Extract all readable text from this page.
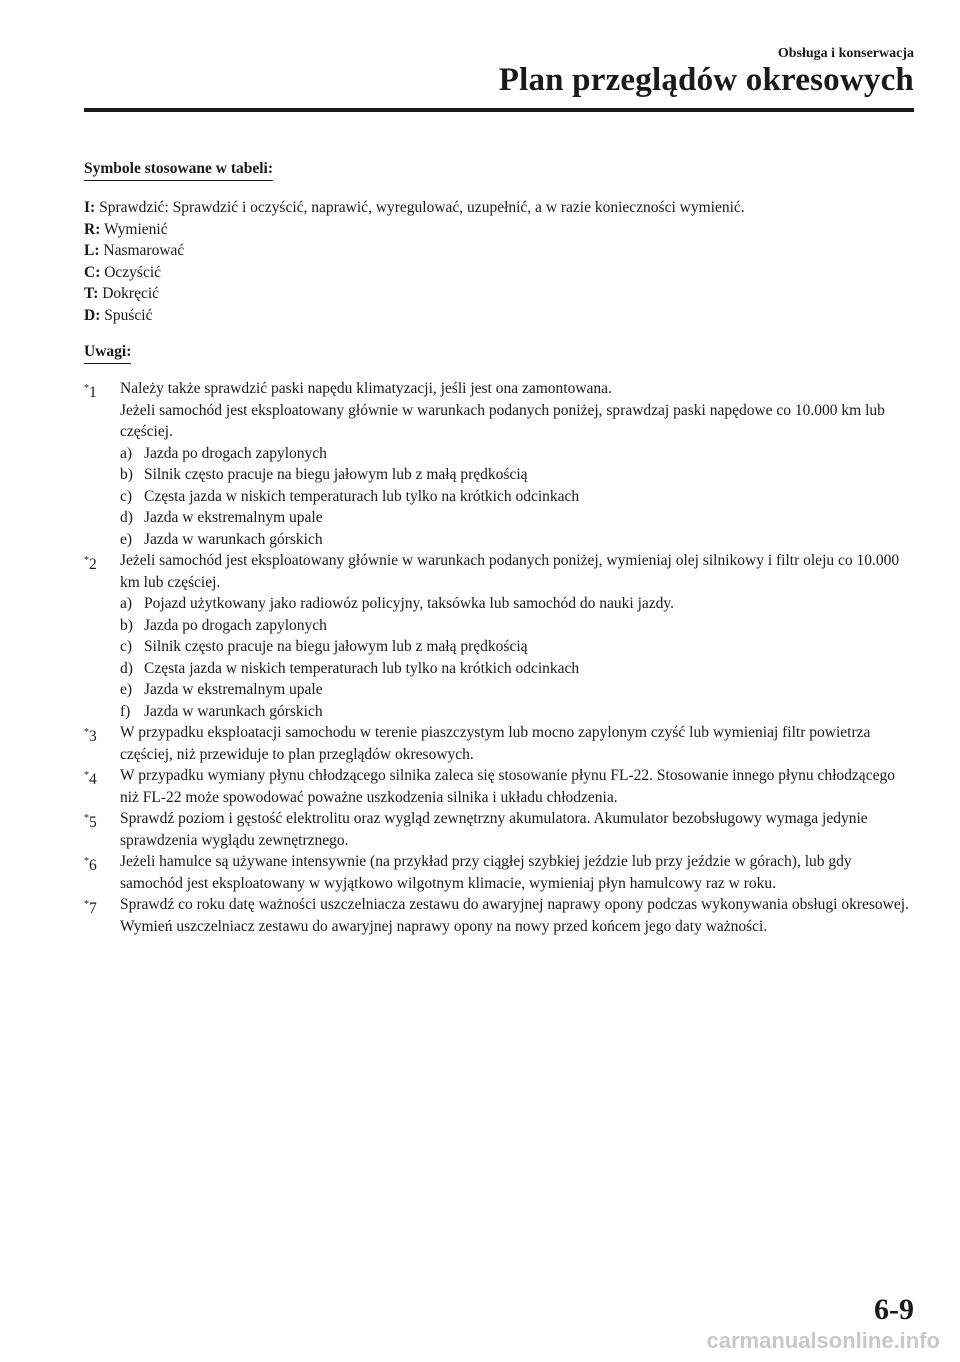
Obsługa i konserwacja
Plan przeglądów okresowych
Symbole stosowane w tabeli:
I: Sprawdzić: Sprawdzić i oczyścić, naprawić, wyregulować, uzupełnić, a w razie konieczności wymienić.
R: Wymienić
L: Nasmarować
C: Oczyścić
T: Dokręcić
D: Spuścić
Uwagi:
*1 Należy także sprawdzić paski napędu klimatyzacji, jeśli jest ona zamontowana.
Jeżeli samochód jest eksploatowany głównie w warunkach podanych poniżej, sprawdzaj paski napędowe co 10.000 km lub częściej.
a) Jazda po drogach zapylonych
b) Silnik często pracuje na biegu jałowym lub z małą prędkością
c) Częsta jazda w niskich temperaturach lub tylko na krótkich odcinkach
d) Jazda w ekstremalnym upale
e) Jazda w warunkach górskich
*2 Jeżeli samochód jest eksploatowany głównie w warunkach podanych poniżej, wymieniaj olej silnikowy i filtr oleju co 10.000 km lub częściej.
a) Pojazd użytkowany jako radiowóz policyjny, taksówka lub samochód do nauki jazdy.
b) Jazda po drogach zapylonych
c) Silnik często pracuje na biegu jałowym lub z małą prędkością
d) Częsta jazda w niskich temperaturach lub tylko na krótkich odcinkach
e) Jazda w ekstremalnym upale
f) Jazda w warunkach górskich
*3 W przypadku eksploatacji samochodu w terenie piaszczystym lub mocno zapylonym czyść lub wymieniaj filtr powietrza częściej, niż przewiduje to plan przeglądów okresowych.
*4 W przypadku wymiany płynu chłodzącego silnika zaleca się stosowanie płynu FL-22. Stosowanie innego płynu chłodzącego niż FL-22 może spowodować poważne uszkodzenia silnika i układu chłodzenia.
*5 Sprawdź poziom i gęstość elektrolitu oraz wygląd zewnętrzny akumulatora. Akumulator bezobsługowy wymaga jedynie sprawdzenia wyglądu zewnętrznego.
*6 Jeżeli hamulce są używane intensywnie (na przykład przy ciągłej szybkiej jeździe lub przy jeździe w górach), lub gdy samochód jest eksploatowany w wyjątkowo wilgotnym klimacie, wymieniaj płyn hamulcowy raz w roku.
*7 Sprawdź co roku datę ważności uszczelniacza zestawu do awaryjnej naprawy opony podczas wykonywania obsługi okresowej. Wymień uszczelniacz zestawu do awaryjnej naprawy opony na nowy przed końcem jego daty ważności.
6-9
carmanualsonline.info
